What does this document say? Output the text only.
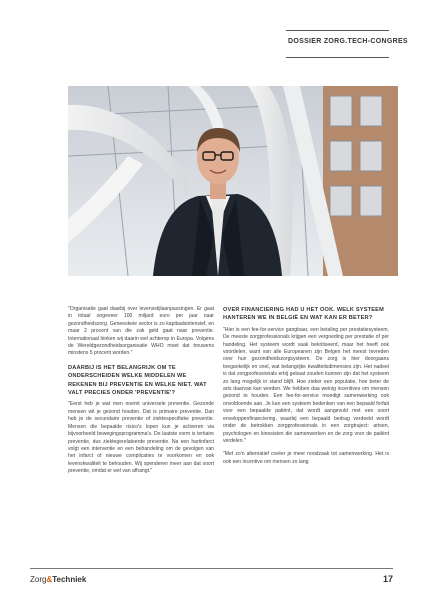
DOSSIER ZORG.TECH-CONGRES

"Organisatie gaat daarbij over levensstijlaanpassingen. Er gaat in totaal ongeveer 100 miljard euro per jaar naar gezondheidszorg. Geneeskeie sector is zo kapitaalsintensief, en maar 2 procent van die zak geld gaat naar preventie. Internationaal hinken wij daarin wel achterop in Europa. Volgens de Wereldgezondheidsorganisatie WHO moet dat trouwens minstens 5 procent worden."

DAARBIJ IS HET BELANGRIJK OM TE ONDERSCHEIDEN WELKE MIDDELEN WE REKENEN BIJ PREVENTIE EN WELKE NIET. WAT VALT PRECIES ONDER 'PREVENTIE'?

"Eerst heb je wat men noemt universele preventie. Gezonde mensen wil je gezond houden. Dat is primaire preventie. Dan heb je de secundaire preventie of ziektespecifieke preventie. Mensen die bepaalde risico's lopen kun je activeren via bijvoorbeeld bewegingsprogramma's. De laatste vorm is tertiaire preventie, dus ziektegerelateerde preventie. Na een hartinfarct volgt een interventie en een behandeling om de gevolgen van het infarct of nieuwe complicaties te voorkomen en ook levenskwaliteit te behouden. Wij spenderen meer aan dat soort preventie, omdat er wel van afhangt."

OVER FINANCIERING HAD U HET OOK. WELK SYSTEEM HANTEREN WE IN BELGIË EN WAT KAN ER BETER?

"Hier is een fee-for-service gangbaar, een betaling per prestatiesysteem. De meeste zorgprofessionals krijgen een vergoeding per prestatie of per handeling. Het systeem wordt vaak bekritiseerd, maar het heeft ook voordelen, want van alle Europeanen zijn Belgen het meest tevreden over hun gezondheidszorgsysteem. De zorg is hier doorgaans toegankelijk en snel, wat belangrijke kwaliteitsdimensies zijn. Het nadeel is dat zorgprofessionals erbij gebaat zouden kunnen zijn dat het systeem zo lang mogelijk in stand blijft. Hoe zieker een populatie, hoe beter de arts daarvan kan worden. We hebben daa weinig incentives om mensen gezond te houden. Een fee-for-service moedigt samenwerking ook onvoldoende aan. Je kan een systeem bedenken van een bepaald forfait voor een bepaalde patiënt, dat wordt aangevuld met een soort enveloppenfinanciering, waarbij een bepaald bedrag verdeeld wordt onder de betrokken zorgprofessionals in een zorgtraject: artsen, psychologen en kinesisten die samenwerken en de zorg voor de patiënt verdelen."

"Met zo'n alternatief creëer je meer noodzaak tot samenwerking. Het is ook een incentive om mensen zo lang

Zorg&Techniek	17
